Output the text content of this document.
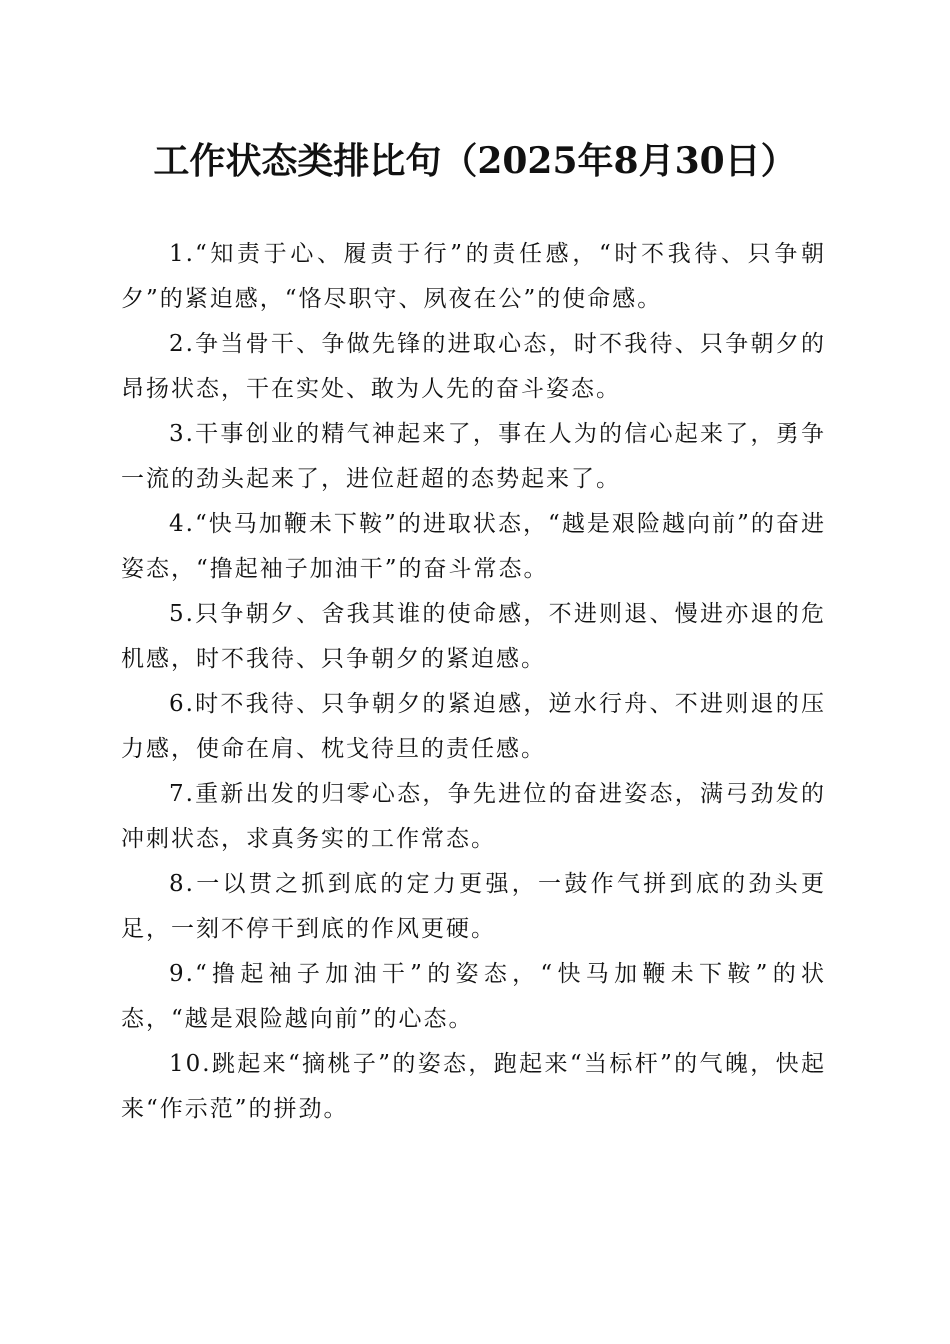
工作状态类排比句（2025年8月30日）

1.“知责于心、履责于行”的责任感，“时不我待、只争朝夕”的紧迫感，“恪尽职守、夙夜在公”的使命感。

2.争当骨干、争做先锋的进取心态，时不我待、只争朝夕的昂扬状态，干在实处、敢为人先的奋斗姿态。

3.干事创业的精气神起来了，事在人为的信心起来了，勇争一流的劲头起来了，进位赶超的态势起来了。

4.“快马加鞭未下鞍”的进取状态，“越是艰险越向前”的奋进姿态，“撸起袖子加油干”的奋斗常态。

5.只争朝夕、舍我其谁的使命感，不进则退、慢进亦退的危机感，时不我待、只争朝夕的紧迫感。

6.时不我待、只争朝夕的紧迫感，逆水行舟、不进则退的压力感，使命在肩、枕戈待旦的责任感。

7.重新出发的归零心态，争先进位的奋进姿态，满弓劲发的冲刺状态，求真务实的工作常态。

8.一以贯之抓到底的定力更强，一鼓作气拼到底的劲头更足，一刻不停干到底的作风更硬。

9.“撸起袖子加油干”的姿态，“快马加鞭未下鞍”的状态，“越是艰险越向前”的心态。

10.跳起来“摘桃子”的姿态，跑起来“当标杆”的气魄，快起来“作示范”的拼劲。
